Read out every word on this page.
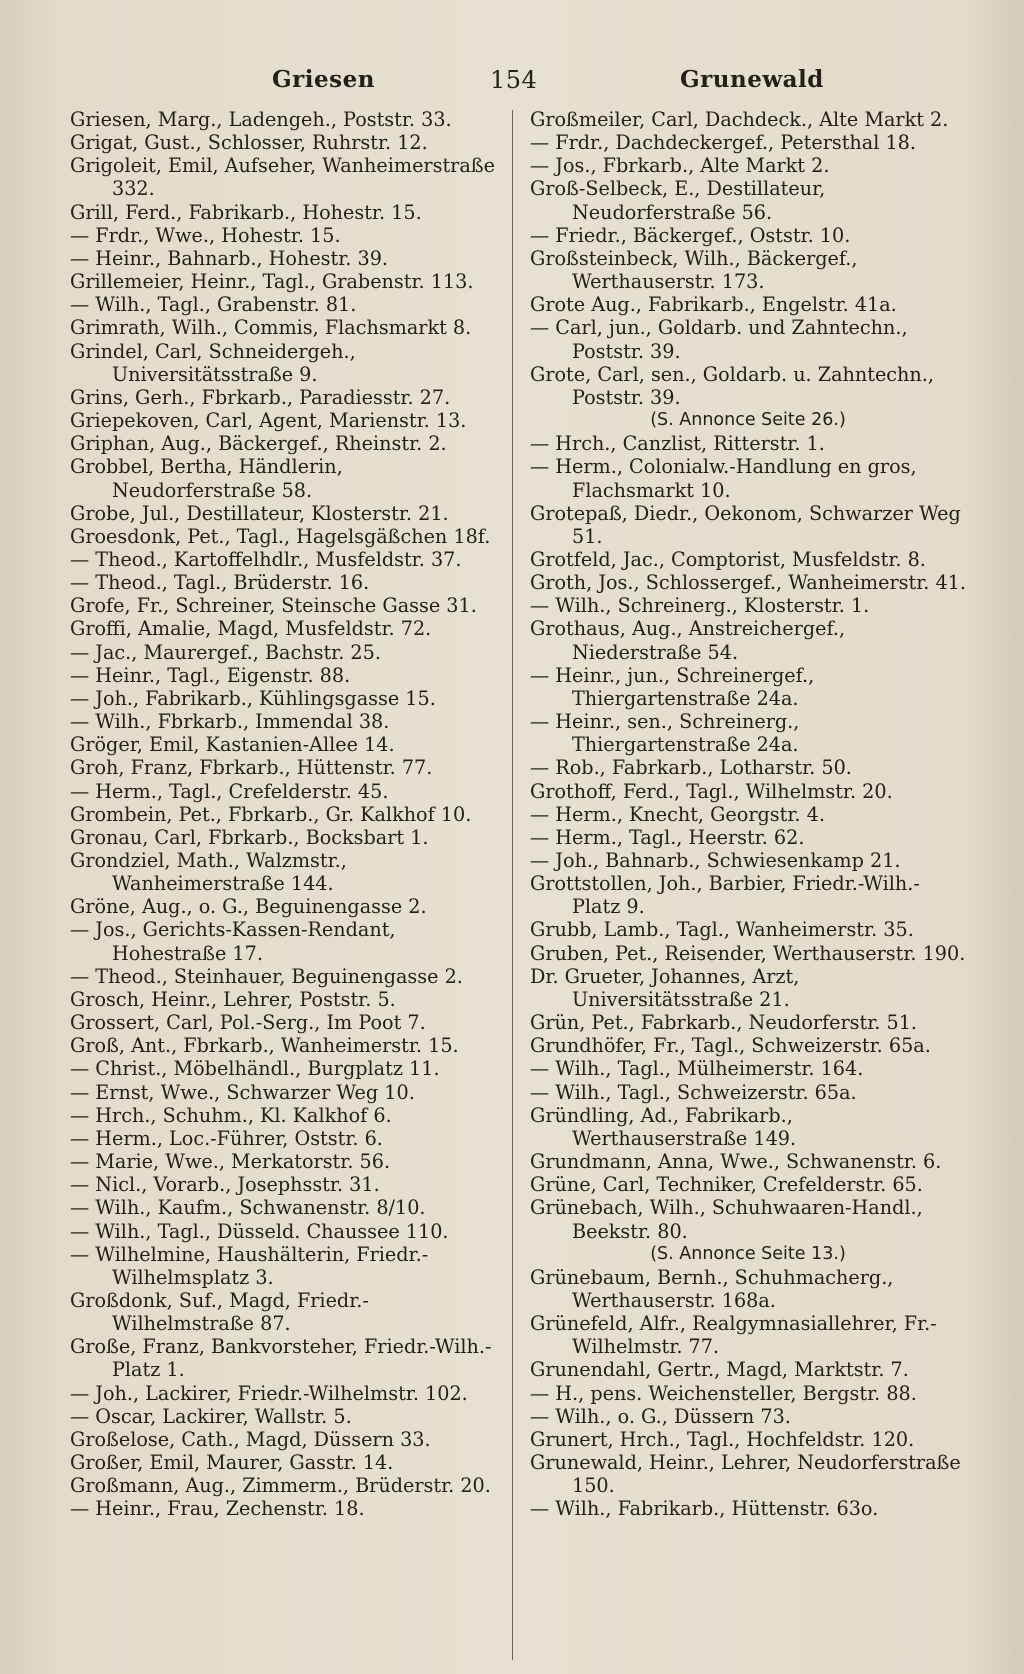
Griesen	154	Grunewald
Griesen, Marg., Ladengeh., Poststr. 33.
Grigat, Gust., Schlosser, Ruhrstr. 12.
Grigoleit, Emil, Aufseher, Wanheimerstraße 332.
Grill, Ferd., Fabrikarb., Hohestr. 15.
— Frdr., Wwe., Hohestr. 15.
— Heinr., Bahnarb., Hohestr. 39.
Grillemeier, Heinr., Tagl., Grabenstr. 113.
— Wilh., Tagl., Grabenstr. 81.
Grimrath, Wilh., Commis, Flachsmarkt 8.
Grindel, Carl, Schneidergeh., Universitätsstraße 9.
Grins, Gerh., Fbrkarb., Paradiesstr. 27.
Griepekoven, Carl, Agent, Marienstr. 13.
Griphan, Aug., Bäckergef., Rheinstr. 2.
Grobbel, Bertha, Händlerin, Neudorferstraße 58.
Grobe, Jul., Destillateur, Klosterstr. 21.
Groesdonk, Pet., Tagl., Hagelsgäßchen 18f.
— Theod., Kartoffelhdlr., Musfeldstr. 37.
— Theod., Tagl., Brüderstr. 16.
Grofe, Fr., Schreiner, Steinsche Gasse 31.
Groffi, Amalie, Magd, Musfeldstr. 72.
— Jac., Maurergef., Bachstr. 25.
— Heinr., Tagl., Eigenstr. 88.
— Joh., Fabrikarb., Kühlingsgasse 15.
— Wilh., Fbrkarb., Immendal 38.
Gröger, Emil, Kastanien-Allee 14.
Groh, Franz, Fbrkarb., Hüttenstr. 77.
— Herm., Tagl., Crefelderstr. 45.
Grombein, Pet., Fbrkarb., Gr. Kalkhof 10.
Gronau, Carl, Fbrkarb., Bocksbart 1.
Grondziel, Math., Walzmstr., Wanheimerstraße 144.
Gröne, Aug., o. G., Beguinengasse 2.
— Jos., Gerichts-Kassen-Rendant, Hohestraße 17.
— Theod., Steinhauer, Beguinengasse 2.
Grosch, Heinr., Lehrer, Poststr. 5.
Grossert, Carl, Pol.-Serg., Im Poot 7.
Groß, Ant., Fbrkarb., Wanheimerstr. 15.
— Christ., Möbelhändl., Burgplatz 11.
— Ernst, Wwe., Schwarzer Weg 10.
— Hrch., Schuhm., Kl. Kalkhof 6.
— Herm., Loc.-Führer, Oststr. 6.
— Marie, Wwe., Merkatorstr. 56.
— Nicl., Vorarb., Josephsstr. 31.
— Wilh., Kaufm., Schwanenstr. 8/10.
— Wilh., Tagl., Düsseld. Chaussee 110.
— Wilhelmine, Haushälterin, Friedr.-Wilhelmsplatz 3.
Großdonk, Suf., Magd, Friedr.-Wilhelmstraße 87.
Große, Franz, Bankvorsteher, Friedr.-Wilh.-Platz 1.
— Joh., Lackirer, Friedr.-Wilhelmstr. 102.
— Oscar, Lackirer, Wallstr. 5.
Großelose, Cath., Magd, Düssern 33.
Großer, Emil, Maurer, Gasstr. 14.
Großmann, Aug., Zimmerm., Brüderstr. 20.
— Heinr., Frau, Zechenstr. 18.
Großmeiler, Carl, Dachdeck., Alte Markt 2.
— Frdr., Dachdeckergef., Petersthal 18.
— Jos., Fbrkarb., Alte Markt 2.
Groß-Selbeck, E., Destillateur, Neudorferstraße 56.
— Friedr., Bäckergef., Oststr. 10.
Großsteinbeck, Wilh., Bäckergef., Werthauserstr. 173.
Grote Aug., Fabrikarb., Engelstr. 41a.
— Carl, jun., Goldarb. und Zahntechn., Poststr. 39.
Grote, Carl, sen., Goldarb. u. Zahntechn., Poststr. 39.
(S. Annonce Seite 26.)
— Hrch., Canzlist, Ritterstr. 1.
— Herm., Colonialw.-Handlung en gros, Flachsmarkt 10.
Grotepaß, Diedr., Oekonom, Schwarzer Weg 51.
Grotfeld, Jac., Comptorist, Musfeldstr. 8.
Groth, Jos., Schlossergef., Wanheimerstr. 41.
— Wilh., Schreinerg., Klosterstr. 1.
Grothaus, Aug., Anstreichergef., Niederstraße 54.
— Heinr., jun., Schreinergef., Thiergartenstraße 24a.
— Heinr., sen., Schreinerg., Thiergartenstraße 24a.
— Rob., Fabrkarb., Lotharstr. 50.
Grothoff, Ferd., Tagl., Wilhelmstr. 20.
— Herm., Knecht, Georgstr. 4.
— Herm., Tagl., Heerstr. 62.
— Joh., Bahnarb., Schwiesenkamp 21.
Grottstollen, Joh., Barbier, Friedr.-Wilh.-Platz 9.
Grubb, Lamb., Tagl., Wanheimerstr. 35.
Gruben, Pet., Reisender, Werthauserstr. 190.
Dr. Grueter, Johannes, Arzt, Universitätsstraße 21.
Grün, Pet., Fabrkarb., Neudorferstr. 51.
Grundhöfer, Fr., Tagl., Schweizerstr. 65a.
— Wilh., Tagl., Mülheimerstr. 164.
— Wilh., Tagl., Schweizerstr. 65a.
Gründling, Ad., Fabrikarb., Werthauserstraße 149.
Grundmann, Anna, Wwe., Schwanenstr. 6.
Grüne, Carl, Techniker, Crefelderstr. 65.
Grünebach, Wilh., Schuhwaaren-Handl., Beekstr. 80.
(S. Annonce Seite 13.)
Grünebaum, Bernh., Schuhmacherg., Werthauserstr. 168a.
Grünefeld, Alfr., Realgymnasiallehrer, Fr.-Wilhelmstr. 77.
Grunendahl, Gertr., Magd, Marktstr. 7.
— H., pens. Weichensteller, Bergstr. 88.
— Wilh., o. G., Düssern 73.
Grunert, Hrch., Tagl., Hochfeldstr. 120.
Grunewald, Heinr., Lehrer, Neudorferstraße 150.
— Wilh., Fabrikarb., Hüttenstr. 63o.
